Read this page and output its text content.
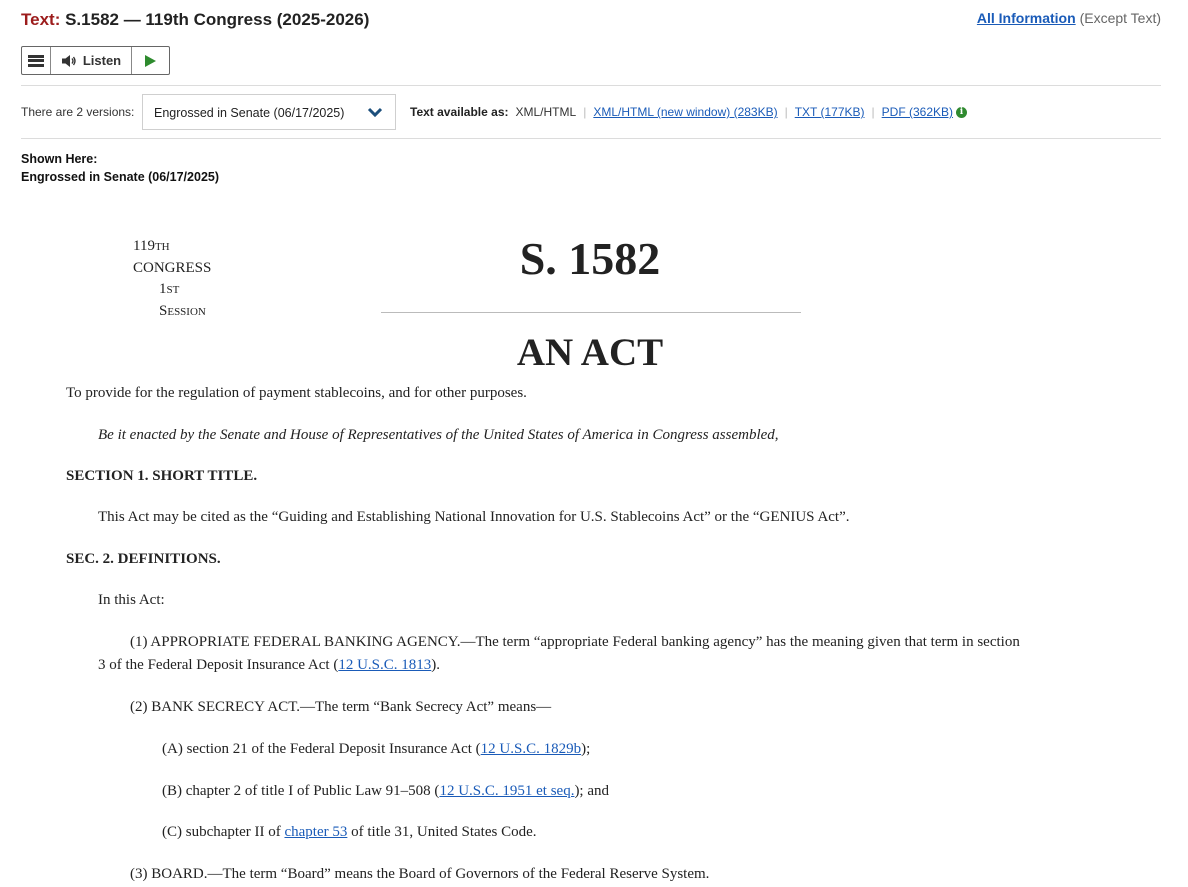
Text: S.1582 — 119th Congress (2025-2026)	All Information (Except Text)
Listen
There are 2 versions: Engrossed in Senate (06/17/2025)	Text available as: XML/HTML | XML/HTML (new window) (283KB) | TXT (177KB) | PDF (362KB) i
Shown Here:
Engrossed in Senate (06/17/2025)
119TH CONGRESS
1ST SESSION
S. 1582
AN ACT
To provide for the regulation of payment stablecoins, and for other purposes.
Be it enacted by the Senate and House of Representatives of the United States of America in Congress assembled,
SECTION 1. SHORT TITLE.
This Act may be cited as the “Guiding and Establishing National Innovation for U.S. Stablecoins Act” or the “GENIUS Act”.
SEC. 2. DEFINITIONS.
In this Act:
(1) APPROPRIATE FEDERAL BANKING AGENCY.—The term “appropriate Federal banking agency” has the meaning given that term in section
3 of the Federal Deposit Insurance Act (12 U.S.C. 1813).
(2) BANK SECRECY ACT.—The term “Bank Secrecy Act” means—
(A) section 21 of the Federal Deposit Insurance Act (12 U.S.C. 1829b);
(B) chapter 2 of title I of Public Law 91–508 (12 U.S.C. 1951 et seq.); and
(C) subchapter II of chapter 53 of title 31, United States Code.
(3) BOARD.—The term “Board” means the Board of Governors of the Federal Reserve System.
